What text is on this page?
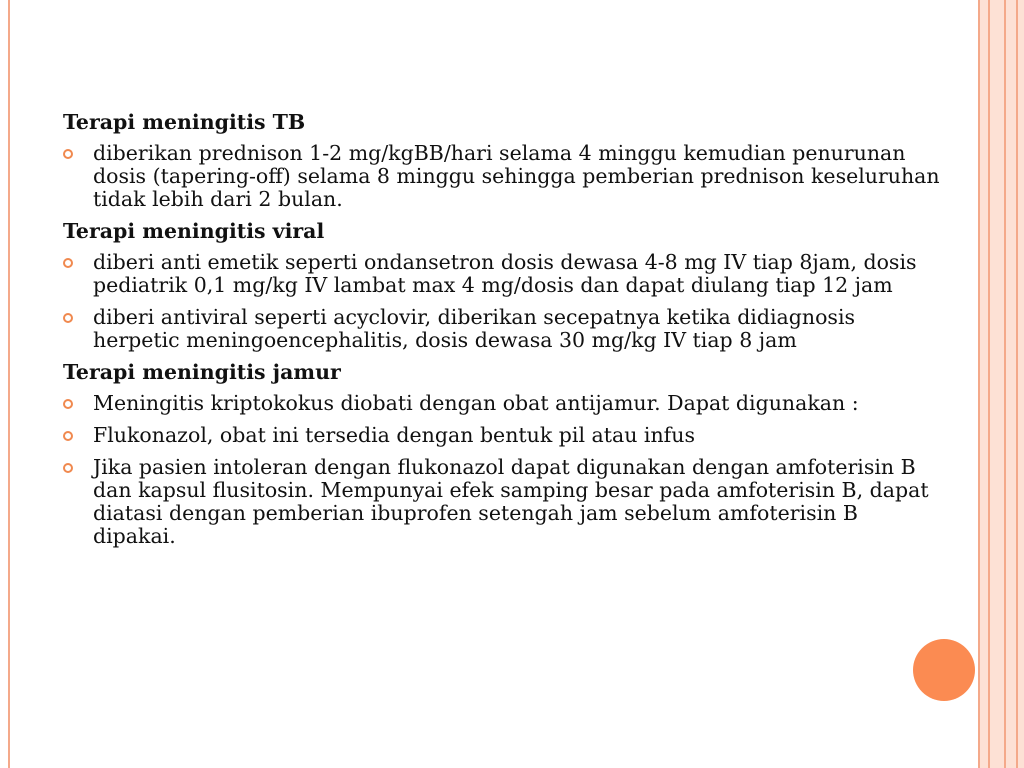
Terapi meningitis TB
diberikan prednison 1-2 mg/kgBB/hari selama 4 minggu kemudian penurunan dosis (tapering-off) selama 8 minggu sehingga pemberian prednison keseluruhan tidak lebih dari 2 bulan.
Terapi meningitis viral
diberi anti emetik seperti ondansetron dosis dewasa 4-8 mg IV tiap 8jam, dosis pediatrik 0,1 mg/kg IV lambat max 4 mg/dosis dan dapat diulang tiap 12 jam
diberi antiviral seperti acyclovir, diberikan secepatnya ketika didiagnosis herpetic meningoencephalitis, dosis dewasa 30 mg/kg IV tiap 8 jam
Terapi meningitis jamur
Meningitis kriptokokus diobati dengan obat antijamur. Dapat digunakan :
Flukonazol, obat ini tersedia dengan bentuk pil atau infus
Jika pasien intoleran dengan flukonazol dapat digunakan dengan amfoterisin B dan kapsul flusitosin. Mempunyai efek samping besar pada amfoterisin B, dapat diatasi dengan pemberian ibuprofen setengah jam sebelum amfoterisin B dipakai.
